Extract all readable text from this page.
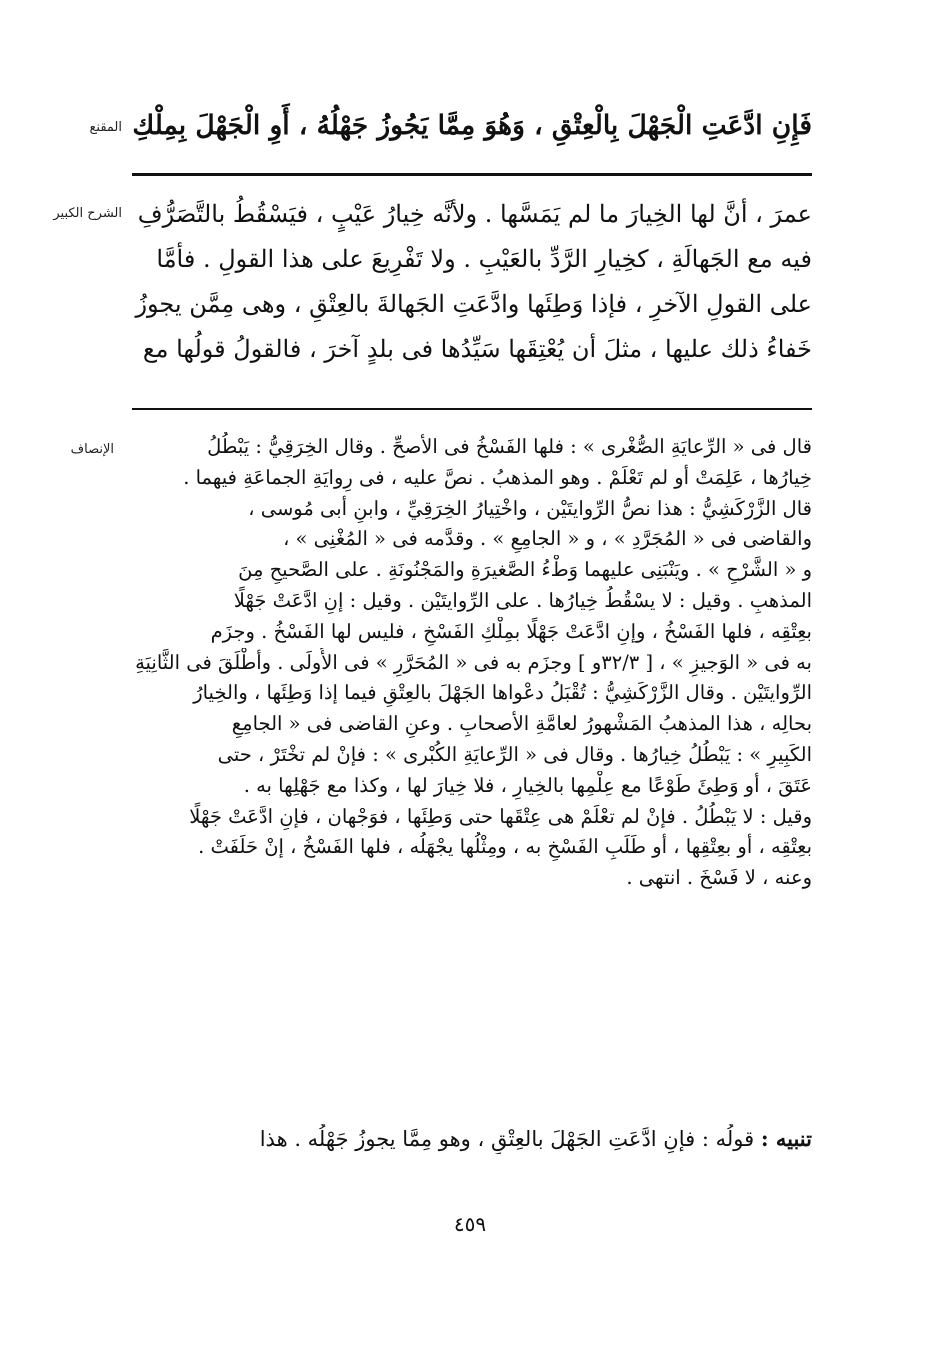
المقنع فَإِنِ ادَّعَتِ الْجَهْلَ بِالْعِتْقِ ، وَهُوَ مِمَّا يَجُوزُ جَهْلُهُ ، أَوِ الْجَهْلَ بِمِلْكِ
الشرح الكبير عمرَ ، أنَّ لها الخِيارَ ما لم يَمَسَّها . ولأنَّه خِيارُ عَيْبٍ ، فيَسْقُطُ بالتَّصَرُّفِ
فيه مع الجَهالَةِ ، كخِيارِ الرَّدِّ بالعَيْبِ . ولا تَفْرِيعَ على هذا القولِ . فأمَّا
على القولِ الآخرِ ، فإذا وَطِئَها وادَّعَتِ الجَهالةَ بالعِتْقِ ، وهى مِمَّن يجوزُ
خَفاءُ ذلك عليها ، مثلَ أن يُعْتِقَها سَيِّدُها فى بلدٍ آخرَ ، فالقولُ قولُها مع
الإنصاف	قال فى « الرِّعايَةِ الصُّغْرى » : فلها الفَسْخُ فى الأصحِّ . وقال الخِرَقِيُّ : يَبْطُلُ
خِيارُها ، عَلِمَتْ أو لم تَعْلَمْ . وهو المذهبُ . نصَّ عليه ، فى رِوايَةِ الجماعَةِ فيهما .
قال الزَّرْكَشِيُّ : هذا نصُّ الرِّوايتَيْن ، واخْتِيارُ الخِرَقِيِّ ، وابنِ أبى مُوسى ،
والقاضى فى « المُجَرَّدِ » ، و « الجامِعِ » . وقدَّمه فى « المُغْنِى » ،
و « الشَّرْحِ » . ويَنْبَنِى عليهما وَطْءُ الصَّغيرَةِ والمَجْنُونَةِ . على الصَّحيحِ مِنَ
المذهبِ . وقيل : لا يسْقُطُ خِيارُها . على الرِّوايتَيْن . وقيل : إنِ ادَّعَتْ جَهْلًا
بعِتْقِه ، فلها الفَسْخُ ، وإنِ ادَّعَتْ جَهْلًا بمِلْكِ الفَسْخِ ، فليس لها الفَسْخُ . وجزَم
به فى « الوَجيزِ » ، [ ٣٢/٣و ] وجزَم به فى « المُحَرَّرِ » فى الأُولَى . وأطْلَقَ فى الثَّانِيَةِ
الرِّوايتَيْن . وقال الزَّرْكَشِيُّ : تُقْبَلُ دعْواها الجَهْلَ بالعِتْقِ فيما إذا وَطِئَها ، والخِيارُ
بحالِه ، هذا المذهبُ المَشْهورُ لعامَّةِ الأصحابِ . وعنِ القاضى فى « الجامِعِ
الكَبِيرِ » : يَبْطُلُ خِيارُها . وقال فى « الرِّعايَةِ الكُبْرى » : فإنْ لم تخْتَرْ ، حتى
عَتَقَ ، أو وَطِئَ طَوْعًا مع عِلْمِها بالخِيارِ ، فلا خِيارَ لها ، وكذا مع جَهْلِها به .
وقيل : لا يَبْطُلُ . فإنْ لم تعْلَمْ هى عِتْقَها حتى وَطِئَها ، فوَجْهان ، فإنِ ادَّعَتْ جَهْلًا
بعِتْقِه ، أو بعِتْقِها ، أو طَلَبِ الفَسْخِ به ، ومِثْلُها يجْهَلُه ، فلها الفَسْخُ ، إنْ حَلَفَتْ .
وعنه ، لا فَسْخَ . انتهى .
تنبيه : قولُه : فإنِ ادَّعَتِ الجَهْلَ بالعِتْقِ ، وهو مِمَّا يجوزُ جَهْلُه . هذا
٤٥٩
